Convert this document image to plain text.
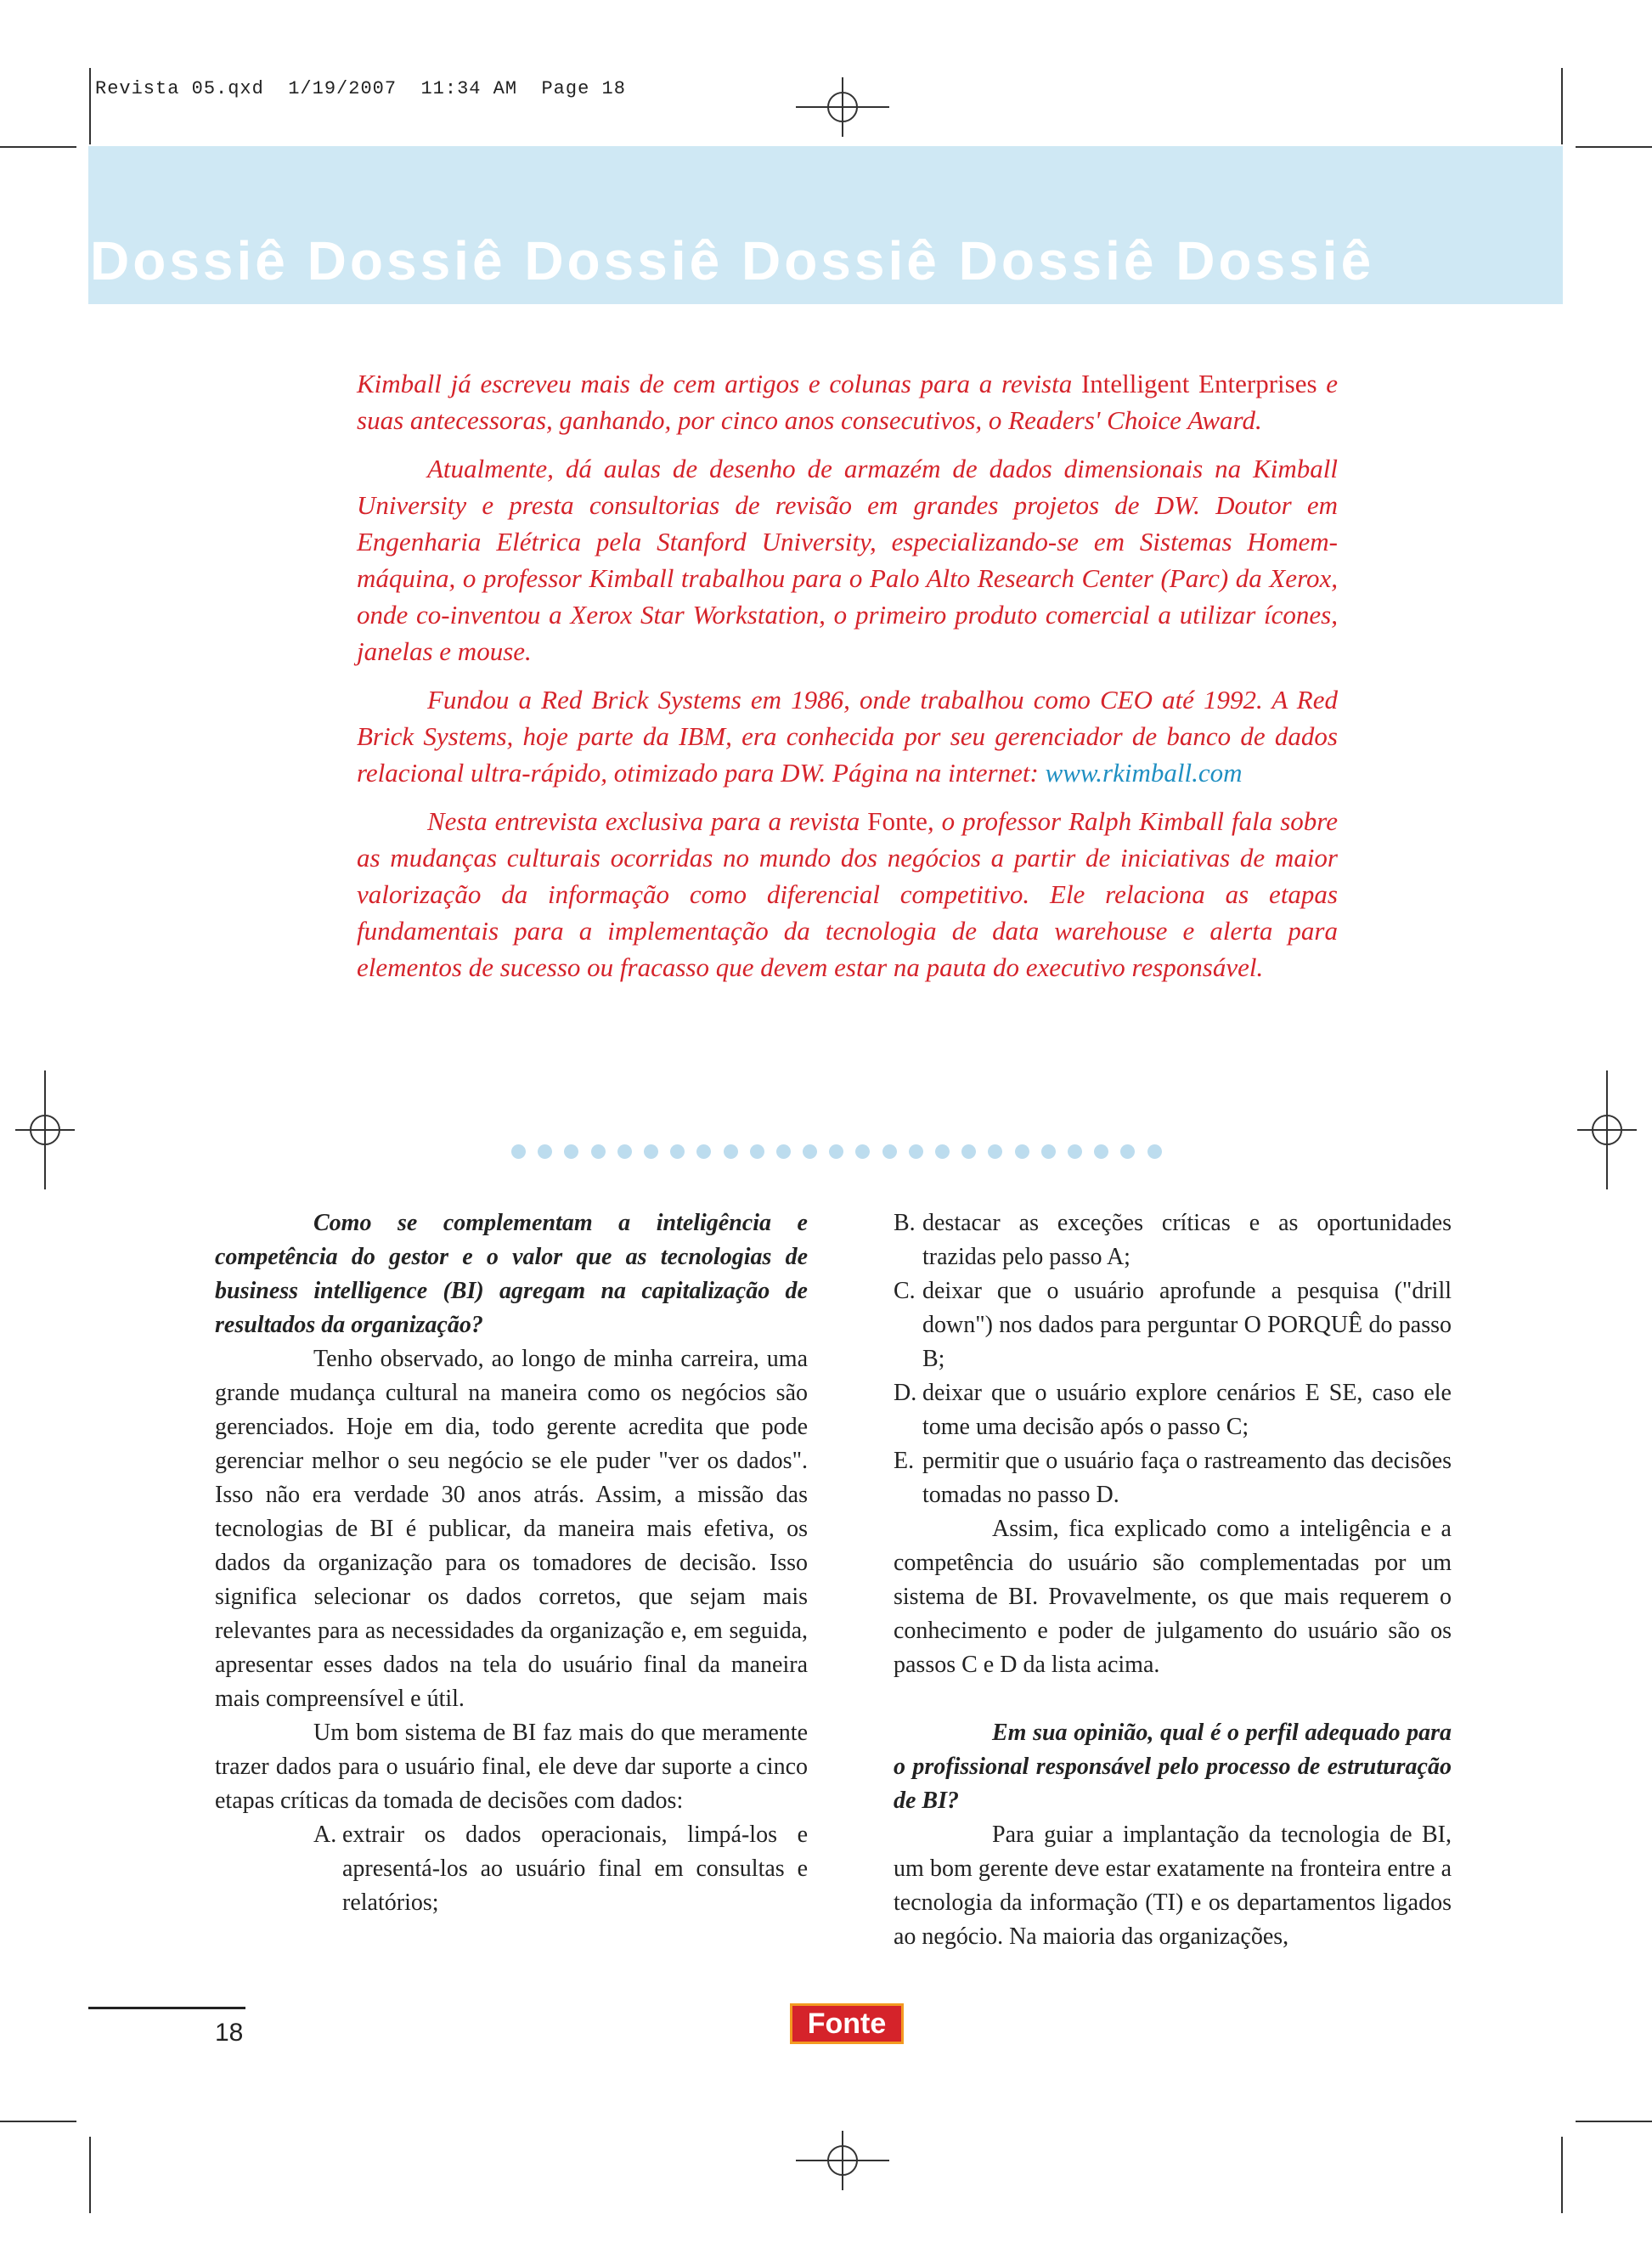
Revista 05.qxd  1/19/2007  11:34 AM  Page 18
Dossiê Dossiê Dossiê Dossiê Dossiê Dossiê

Kimball já escreveu mais de cem artigos e colunas para a revista Intelligent Enterprises e suas antecessoras, ganhando, por cinco anos consecutivos, o Readers' Choice Award.

Atualmente, dá aulas de desenho de armazém de dados dimensionais na Kimball University e presta consultorias de revisão em grandes projetos de DW. Doutor em Engenharia Elétrica pela Stanford University, especializando-se em Sistemas Homem-máquina, o professor Kimball trabalhou para o Palo Alto Research Center (Parc) da Xerox, onde co-inventou a Xerox Star Workstation, o primeiro produto comercial a utilizar ícones, janelas e mouse.

Fundou a Red Brick Systems em 1986, onde trabalhou como CEO até 1992. A Red Brick Systems, hoje parte da IBM, era conhecida por seu gerenciador de banco de dados relacional ultra-rápido, otimizado para DW. Página na internet: www.rkimball.com

Nesta entrevista exclusiva para a revista Fonte, o professor Ralph Kimball fala sobre as mudanças culturais ocorridas no mundo dos negócios a partir de iniciativas de maior valorização da informação como diferencial competitivo. Ele relaciona as etapas fundamentais para a implementação da tecnologia de data warehouse e alerta para elementos de sucesso ou fracasso que devem estar na pauta do executivo responsável.

Como se complementam a inteligência e competência do gestor e o valor que as tecnologias de business intelligence (BI) agregam na capitalização de resultados da organização?

Tenho observado, ao longo de minha carreira, uma grande mudança cultural na maneira como os negócios são gerenciados. Hoje em dia, todo gerente acredita que pode gerenciar melhor o seu negócio se ele puder "ver os dados". Isso não era verdade 30 anos atrás. Assim, a missão das tecnologias de BI é publicar, da maneira mais efetiva, os dados da organização para os tomadores de decisão. Isso significa selecionar os dados corretos, que sejam mais relevantes para as necessidades da organização e, em seguida, apresentar esses dados na tela do usuário final da maneira mais compreensível e útil.

Um bom sistema de BI faz mais do que meramente trazer dados para o usuário final, ele deve dar suporte a cinco etapas críticas da tomada de decisões com dados:

A. extrair os dados operacionais, limpá-los e apresentá-los ao usuário final em consultas e relatórios;
B. destacar as exceções críticas e as oportunidades trazidas pelo passo A;
C. deixar que o usuário aprofunde a pesquisa ("drill down") nos dados para perguntar O PORQUÊ do passo B;
D. deixar que o usuário explore cenários E SE, caso ele tome uma decisão após o passo C;
E. permitir que o usuário faça o rastreamento das decisões tomadas no passo D.

Assim, fica explicado como a inteligência e a competência do usuário são complementadas por um sistema de BI. Provavelmente, os que mais requerem o conhecimento e poder de julgamento do usuário são os passos C e D da lista acima.

Em sua opinião, qual é o perfil adequado para o profissional responsável pelo processo de estruturação de BI?

Para guiar a implantação da tecnologia de BI, um bom gerente deve estar exatamente na fronteira entre a tecnologia da informação (TI) e os departamentos ligados ao negócio. Na maioria das organizações,

18	Fonte
